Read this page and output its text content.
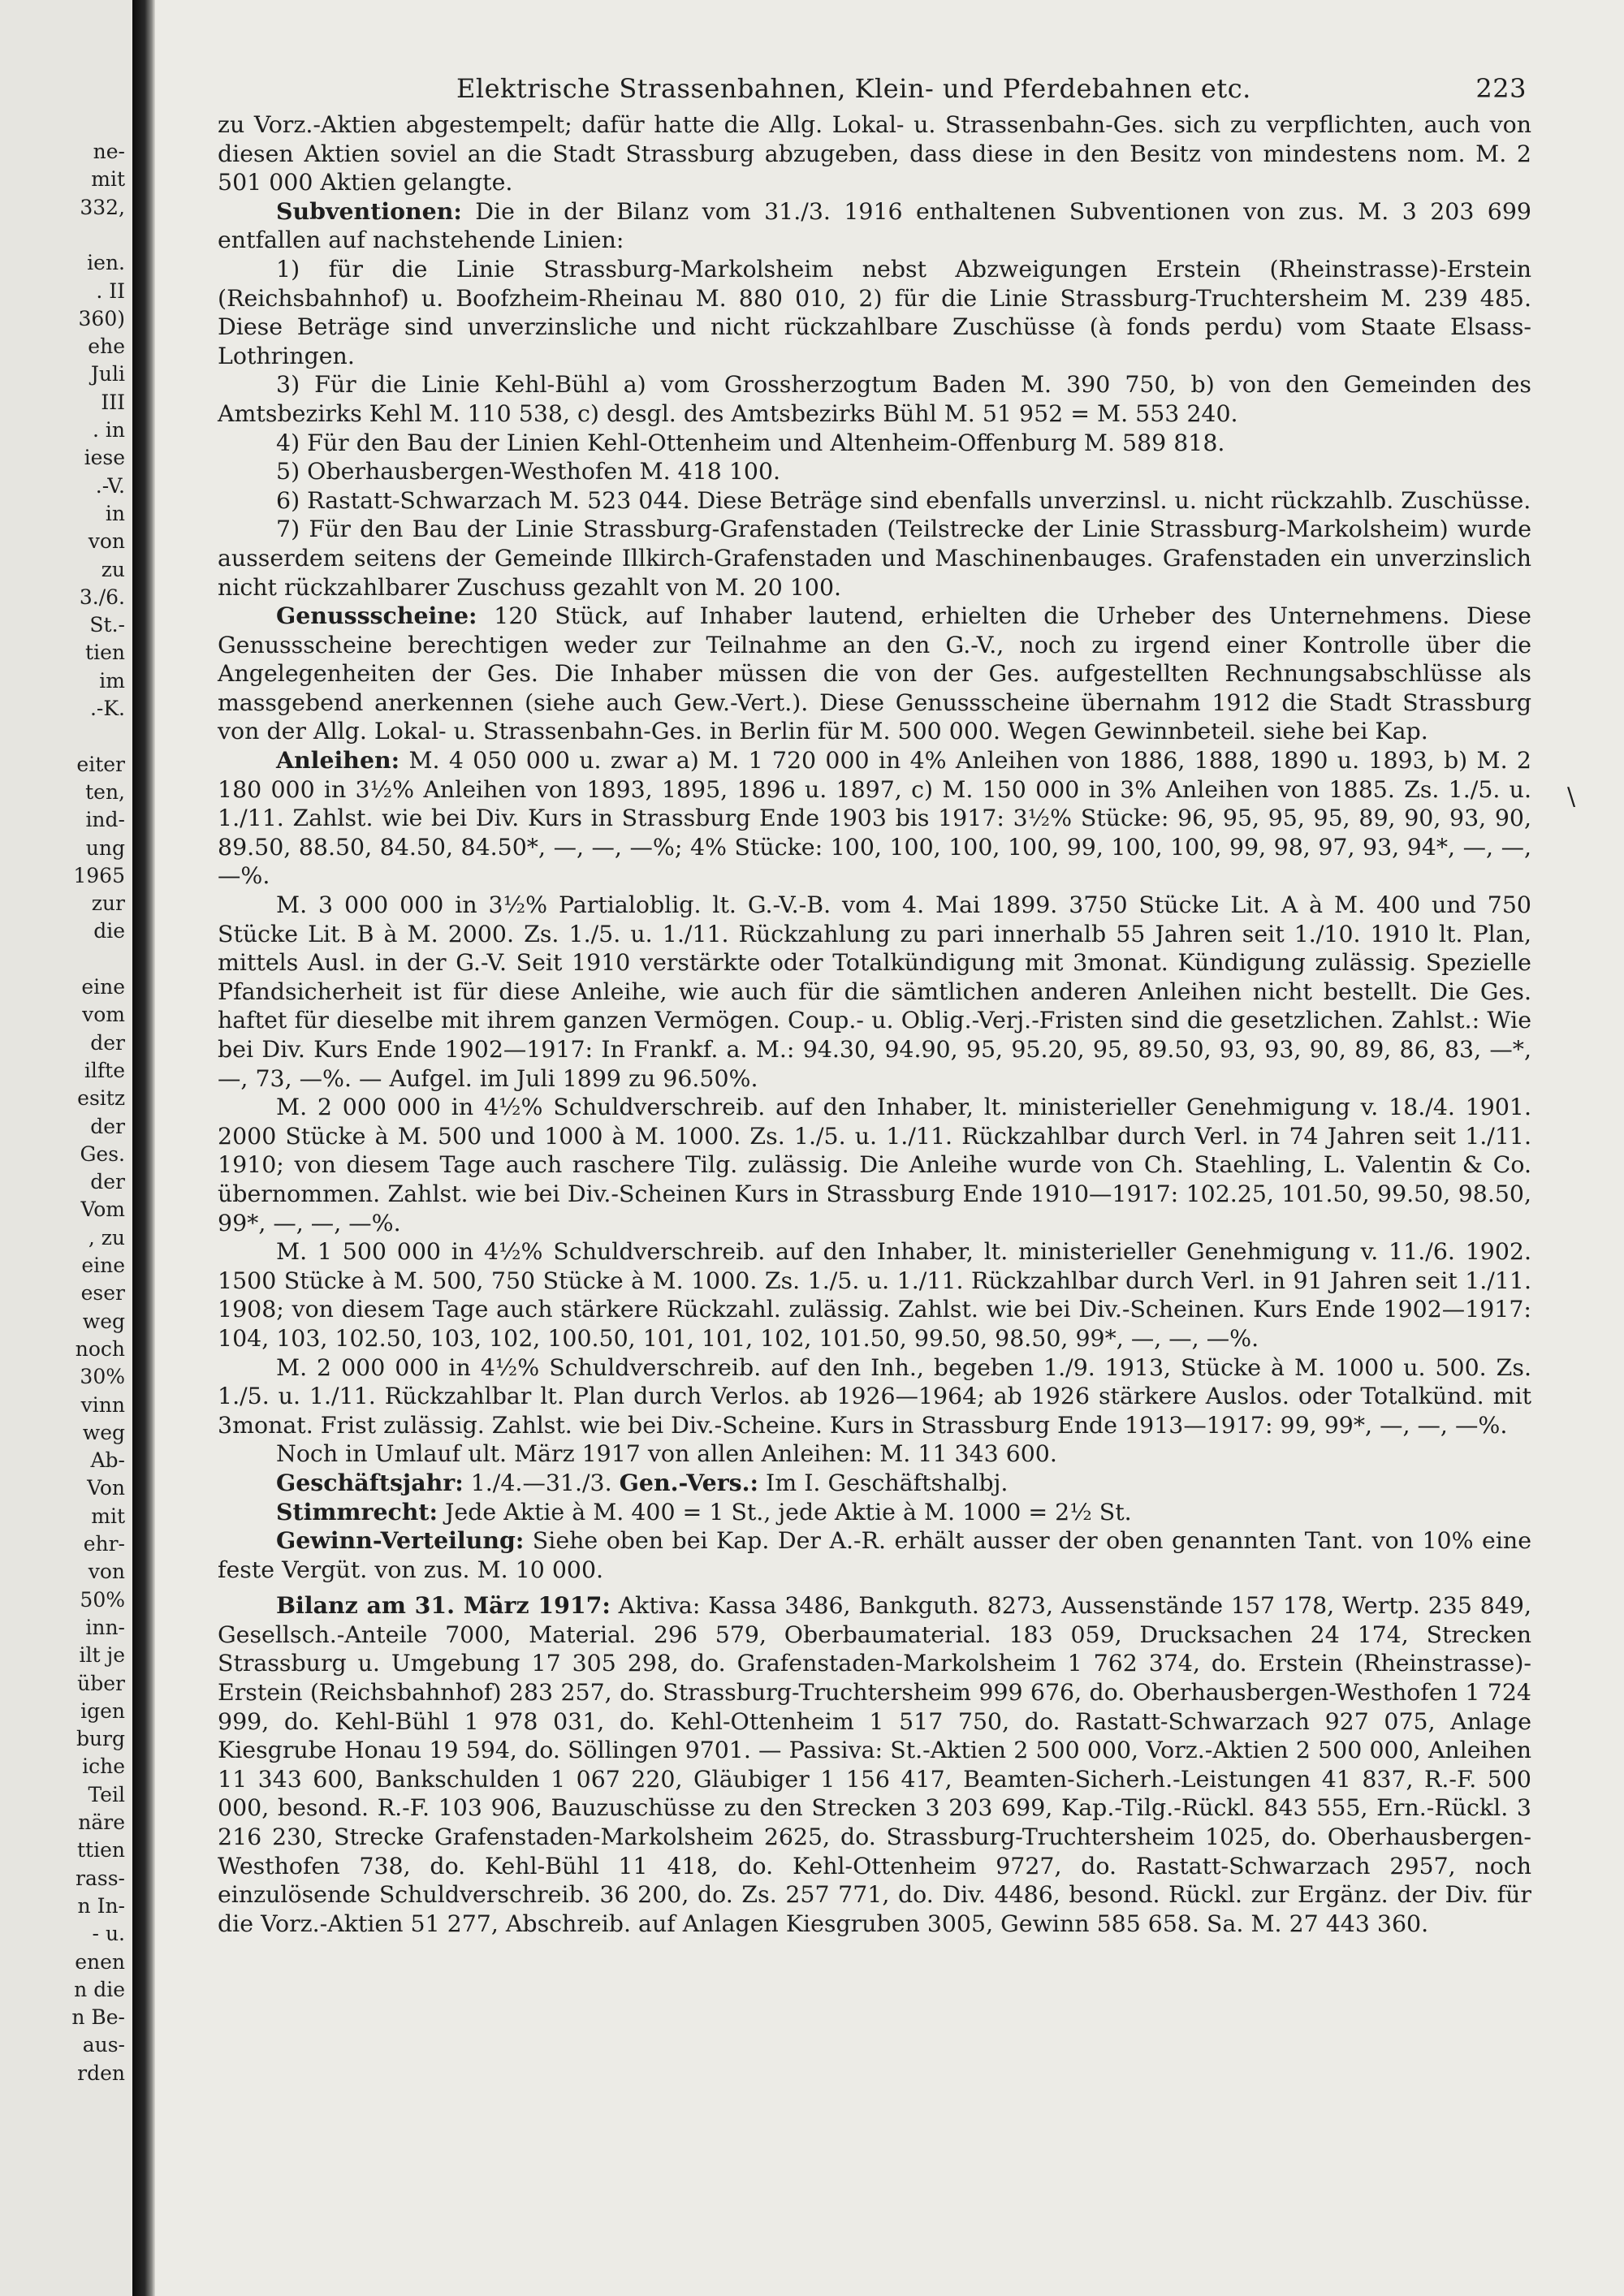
ne-
mit
332,
ien.
. II
360)
ehe
Juli
III
. in
iese
.-V.
in
von
zu
3./6.
St.-
tien
im
.-K.
eiter
ten,
ind-
ung
1965
zur
die
eine
vom
der
ilfte
esitz
der
Ges.
der
Vom
, zu
eine
eser
weg
noch
30%
vinn
weg
Ab-
Von
mit
ehr-
von
50%
inn-
ilt je
über
igen
burg
iche
Teil
näre
ttien
rass-
n In-
- u.
enen
n die
n Be-
aus-
rden
Elektrische Strassenbahnen, Klein- und Pferdebahnen etc.	223

zu Vorz.-Aktien abgestempelt; dafür hatte die Allg. Lokal- u. Strassenbahn-Ges. sich zu verpflichten, auch von diesen Aktien soviel an die Stadt Strassburg abzugeben, dass diese in den Besitz von mindestens nom. M. 2 501 000 Aktien gelangte.

Subventionen: Die in der Bilanz vom 31./3. 1916 enthaltenen Subventionen von zus. M. 3 203 699 entfallen auf nachstehende Linien:

1) für die Linie Strassburg-Markolsheim nebst Abzweigungen Erstein (Rheinstrasse)-Erstein (Reichsbahnhof) u. Boofzheim-Rheinau M. 880 010, 2) für die Linie Strassburg-Truchtersheim M. 239 485. Diese Beträge sind unverzinsliche und nicht rückzahlbare Zuschüsse (à fonds perdu) vom Staate Elsass-Lothringen.

3) Für die Linie Kehl-Bühl a) vom Grossherzogtum Baden M. 390 750, b) von den Gemeinden des Amtsbezirks Kehl M. 110 538, c) desgl. des Amtsbezirks Bühl M. 51 952 = M. 553 240.

4) Für den Bau der Linien Kehl-Ottenheim und Altenheim-Offenburg M. 589 818.

5) Oberhausbergen-Westhofen M. 418 100.

6) Rastatt-Schwarzach M. 523 044. Diese Beträge sind ebenfalls unverzinsl. u. nicht rückzahlb. Zuschüsse.

7) Für den Bau der Linie Strassburg-Grafenstaden (Teilstrecke der Linie Strassburg-Markolsheim) wurde ausserdem seitens der Gemeinde Illkirch-Grafenstaden und Maschinenbauges. Grafenstaden ein unverzinslich nicht rückzahlbarer Zuschuss gezahlt von M. 20 100.

Genussscheine: 120 Stück, auf Inhaber lautend, erhielten die Urheber des Unternehmens. Diese Genussscheine berechtigen weder zur Teilnahme an den G.-V., noch zu irgend einer Kontrolle über die Angelegenheiten der Ges. Die Inhaber müssen die von der Ges. aufgestellten Rechnungsabschlüsse als massgebend anerkennen (siehe auch Gew.-Vert.). Diese Genussscheine übernahm 1912 die Stadt Strassburg von der Allg. Lokal- u. Strassenbahn-Ges. in Berlin für M. 500 000. Wegen Gewinnbeteil. siehe bei Kap.

Anleihen: M. 4 050 000 u. zwar a) M. 1 720 000 in 4% Anleihen von 1886, 1888, 1890 u. 1893, b) M. 2 180 000 in 3½% Anleihen von 1893, 1895, 1896 u. 1897, c) M. 150 000 in 3% Anleihen von 1885. Zs. 1./5. u. 1./11. Zahlst. wie bei Div. Kurs in Strassburg Ende 1903 bis 1917: 3½% Stücke: 96, 95, 95, 95, 89, 90, 93, 90, 89.50, 88.50, 84.50, 84.50*, —, —, —%; 4% Stücke: 100, 100, 100, 100, 99, 100, 100, 99, 98, 97, 93, 94*, —, —, —%.

M. 3 000 000 in 3½% Partialoblig. lt. G.-V.-B. vom 4. Mai 1899. 3750 Stücke Lit. A à M. 400 und 750 Stücke Lit. B à M. 2000. Zs. 1./5. u. 1./11. Rückzahlung zu pari innerhalb 55 Jahren seit 1./10. 1910 lt. Plan, mittels Ausl. in der G.-V. Seit 1910 verstärkte oder Totalkündigung mit 3monat. Kündigung zulässig. Spezielle Pfandsicherheit ist für diese Anleihe, wie auch für die sämtlichen anderen Anleihen nicht bestellt. Die Ges. haftet für dieselbe mit ihrem ganzen Vermögen. Coup.- u. Oblig.-Verj.-Fristen sind die gesetzlichen. Zahlst.: Wie bei Div. Kurs Ende 1902—1917: In Frankf. a. M.: 94.30, 94.90, 95, 95.20, 95, 89.50, 93, 93, 90, 89, 86, 83, —*, —, 73, —%. — Aufgel. im Juli 1899 zu 96.50%.

M. 2 000 000 in 4½% Schuldverschreib. auf den Inhaber, lt. ministerieller Genehmigung v. 18./4. 1901. 2000 Stücke à M. 500 und 1000 à M. 1000. Zs. 1./5. u. 1./11. Rückzahlbar durch Verl. in 74 Jahren seit 1./11. 1910; von diesem Tage auch raschere Tilg. zulässig. Die Anleihe wurde von Ch. Staehling, L. Valentin & Co. übernommen. Zahlst. wie bei Div.-Scheinen Kurs in Strassburg Ende 1910—1917: 102.25, 101.50, 99.50, 98.50, 99*, —, —, —%.

M. 1 500 000 in 4½% Schuldverschreib. auf den Inhaber, lt. ministerieller Genehmigung v. 11./6. 1902. 1500 Stücke à M. 500, 750 Stücke à M. 1000. Zs. 1./5. u. 1./11. Rückzahlbar durch Verl. in 91 Jahren seit 1./11. 1908; von diesem Tage auch stärkere Rückzahl. zulässig. Zahlst. wie bei Div.-Scheinen. Kurs Ende 1902—1917: 104, 103, 102.50, 103, 102, 100.50, 101, 101, 102, 101.50, 99.50, 98.50, 99*, —, —, —%.

M. 2 000 000 in 4½% Schuldverschreib. auf den Inh., begeben 1./9. 1913, Stücke à M. 1000 u. 500. Zs. 1./5. u. 1./11. Rückzahlbar lt. Plan durch Verlos. ab 1926—1964; ab 1926 stärkere Auslos. oder Totalkünd. mit 3monat. Frist zulässig. Zahlst. wie bei Div.-Scheine. Kurs in Strassburg Ende 1913—1917: 99, 99*, —, —, —%.

Noch in Umlauf ult. März 1917 von allen Anleihen: M. 11 343 600.

Geschäftsjahr: 1./4.—31./3. Gen.-Vers.: Im I. Geschäftshalbj.

Stimmrecht: Jede Aktie à M. 400 = 1 St., jede Aktie à M. 1000 = 2½ St.

Gewinn-Verteilung: Siehe oben bei Kap. Der A.-R. erhält ausser der oben genannten Tant. von 10% eine feste Vergüt. von zus. M. 10 000.

Bilanz am 31. März 1917: Aktiva: Kassa 3486, Bankguth. 8273, Aussenstände 157 178, Wertp. 235 849, Gesellsch.-Anteile 7000, Material. 296 579, Oberbaumaterial. 183 059, Drucksachen 24 174, Strecken Strassburg u. Umgebung 17 305 298, do. Grafenstaden-Markolsheim 1 762 374, do. Erstein (Rheinstrasse)-Erstein (Reichsbahnhof) 283 257, do. Strassburg-Truchtersheim 999 676, do. Oberhausbergen-Westhofen 1 724 999, do. Kehl-Bühl 1 978 031, do. Kehl-Ottenheim 1 517 750, do. Rastatt-Schwarzach 927 075, Anlage Kiesgrube Honau 19 594, do. Söllingen 9701. — Passiva: St.-Aktien 2 500 000, Vorz.-Aktien 2 500 000, Anleihen 11 343 600, Bankschulden 1 067 220, Gläubiger 1 156 417, Beamten-Sicherh.-Leistungen 41 837, R.-F. 500 000, besond. R.-F. 103 906, Bauzuschüsse zu den Strecken 3 203 699, Kap.-Tilg.-Rückl. 843 555, Ern.-Rückl. 3 216 230, Strecke Grafenstaden-Markolsheim 2625, do. Strassburg-Truchtersheim 1025, do. Oberhausbergen-Westhofen 738, do. Kehl-Bühl 11 418, do. Kehl-Ottenheim 9727, do. Rastatt-Schwarzach 2957, noch einzulösende Schuldverschreib. 36 200, do. Zs. 257 771, do. Div. 4486, besond. Rückl. zur Ergänz. der Div. für die Vorz.-Aktien 51 277, Abschreib. auf Anlagen Kiesgruben 3005, Gewinn 585 658. Sa. M. 27 443 360.

\
